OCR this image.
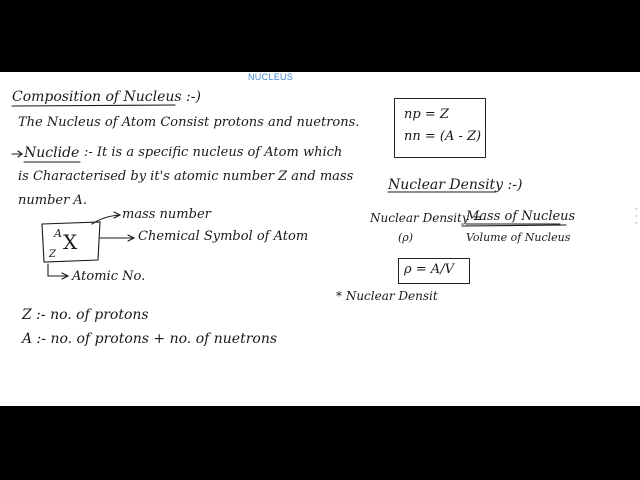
NUCLEUS
Composition of Nucleus :-)
The Nucleus of Atom Consist protons and nuetrons.
Nuclide :- It is a specific nucleus of Atom which
is Characterised by it's atomic number Z and mass
number A.
A
Z
X
mass number
Chemical Symbol of Atom
Atomic No.
Z :- no. of protons
A :- no. of protons + no. of nuetrons
np = Z
nn = (A - Z)
Nuclear Density :-)
Nuclear Density =
(ρ)
Mass of Nucleus
Volume of Nucleus
ρ = A/V
* Nuclear Densit
◦◦◦
